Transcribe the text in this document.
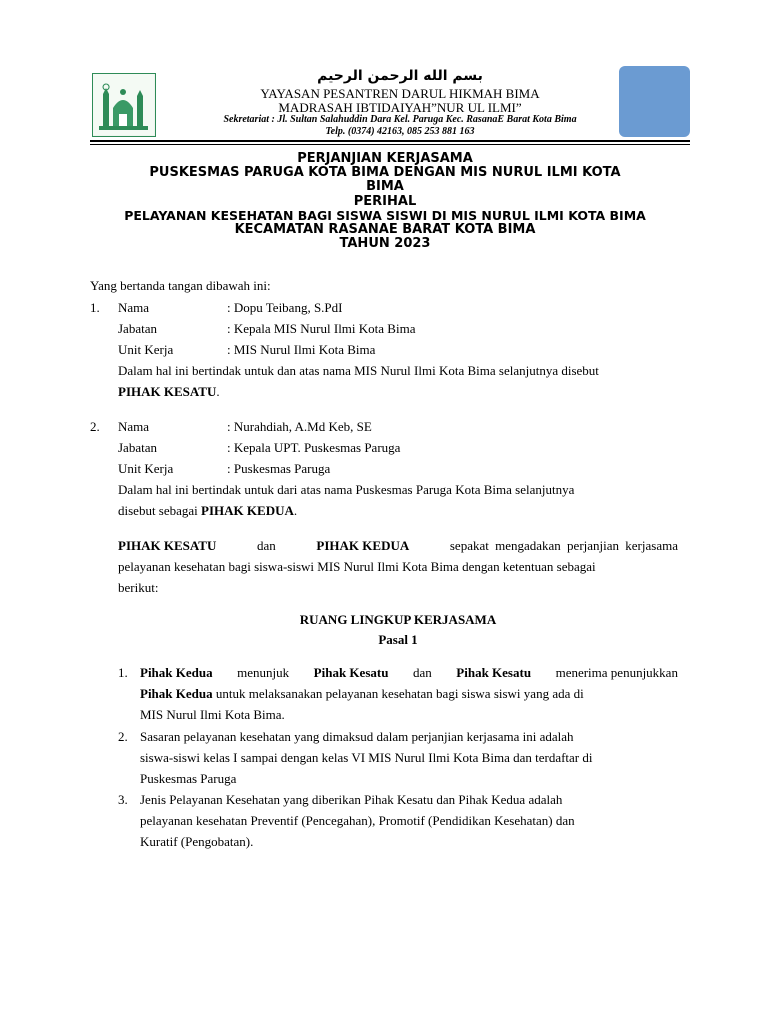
بسم الله الرحمن الرحيم
YAYASAN PESANTREN DARUL HIKMAH BIMA
MADRASAH IBTIDAIYAH”NUR UL ILMI”
Sekretariat : Jl. Sultan Salahuddin Dara Kel. Paruga Kec. RasanaE Barat Kota Bima
Telp. (0374) 42163, 085 253 881 163
PERJANJIAN KERJASAMA
PUSKESMAS PARUGA KOTA BIMA DENGAN MIS NURUL ILMI KOTA
BIMA
PERIHAL
PELAYANAN KESEHATAN BAGI SISWA SISWI DI MIS NURUL ILMI KOTA BIMA
KECAMATAN RASANAE BARAT KOTA BIMA
TAHUN 2023
Yang bertanda tangan dibawah ini:
1. Nama	: Dopu Teibang, S.PdI
Jabatan	: Kepala MIS Nurul Ilmi Kota Bima
Unit Kerja	: MIS Nurul Ilmi Kota Bima
Dalam hal ini bertindak untuk dan atas nama MIS Nurul Ilmi Kota Bima selanjutnya disebut
PIHAK KESATU.
2. Nama	: Nurahdiah, A.Md Keb, SE
Jabatan	: Kepala UPT. Puskesmas Paruga
Unit Kerja	: Puskesmas Paruga
Dalam hal ini bertindak untuk dari atas nama Puskesmas Paruga Kota Bima selanjutnya
disebut sebagai PIHAK KEDUA.
PIHAK KESATU	dan	PIHAK KEDUA	sepakat mengadakan perjanjian kerjasama
pelayanan kesehatan bagi siswa-siswi MIS Nurul Ilmi Kota Bima dengan ketentuan sebagai
berikut:
RUANG LINGKUP KERJASAMA
Pasal 1
1. Pihak Kedua menunjuk Pihak Kesatu dan Pihak Kesatu menerima penunjukkan
Pihak Kedua untuk melaksanakan pelayanan kesehatan bagi siswa siswi yang ada di
MIS Nurul Ilmi Kota Bima.
2. Sasaran pelayanan kesehatan yang dimaksud dalam perjanjian kerjasama ini adalah
siswa-siswi kelas I sampai dengan kelas VI MIS Nurul Ilmi Kota Bima dan terdaftar di
Puskesmas Paruga
3. Jenis Pelayanan Kesehatan yang diberikan Pihak Kesatu dan Pihak Kedua adalah
pelayanan kesehatan Preventif (Pencegahan), Promotif (Pendidikan Kesehatan) dan
Kuratif (Pengobatan).
